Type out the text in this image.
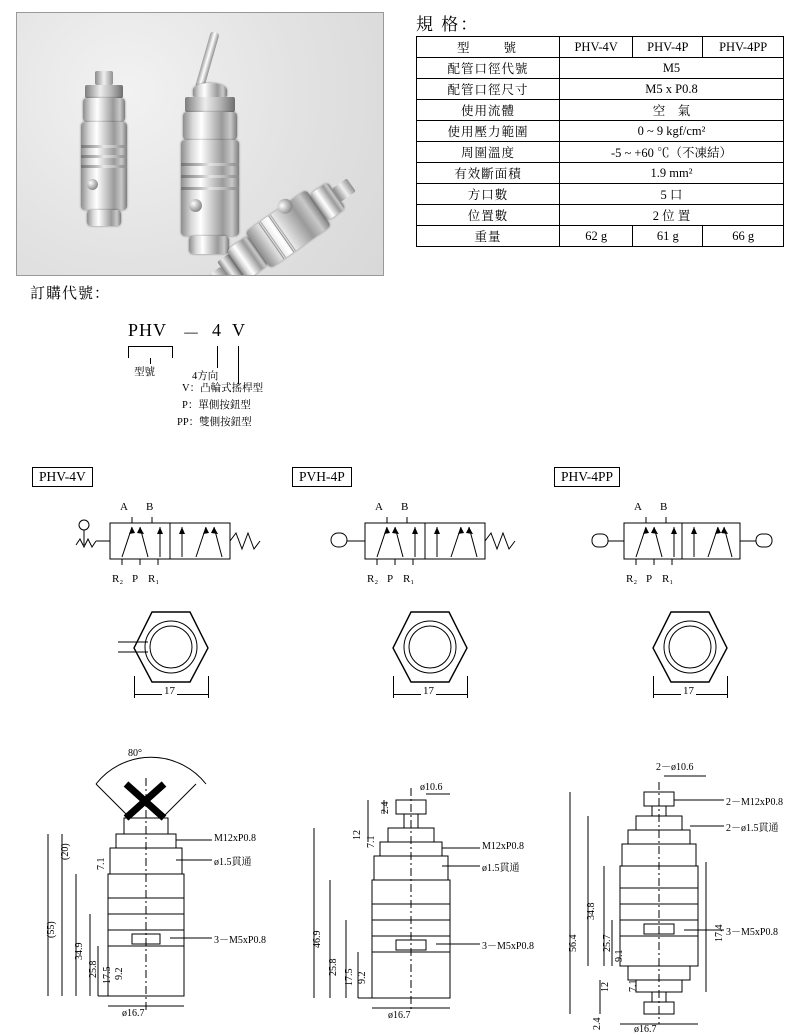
規 格：
型　　號	PHV-4V	PHV-4P	PHV-4PP
配管口徑代號	M5		
配管口徑尺寸	M5 x P0.8		
使用流體	空　氣		
使用壓力範圍	0 ~ 9 kgf/cm²		
周圍溫度	-5 ~ +60 ℃（不凍結）		
有效斷面積	1.9 mm²		
方口數	5 口		
位置數	2 位 置		
重量	62 g	61 g	66 g
訂購代號：
PHV － 4 V
型號	4方向
V：凸輪式搖桿型
P：單側按鈕型
PP：雙側按鈕型
PHV-4V
A B
R₂ P R₁
17
80°
(55)
(20)
34.9
25.8 17.5 9.2
7.1
M12xP0.8
ø1.5貫通
3－M5xP0.8
ø16.7
PVH-4P
A B
R₂ P R₁
17
ø10.6
46.9
25.8
17.5 9.2
7.1
12
2.4
M12xP0.8
ø1.5貫通
3－M5xP0.8
ø16.7
PHV-4PP
A B
R₂ P R₁
17
2－ø10.6
56.4
34.8
25.7
9.1
7.1
12
2.4
2－M12xP0.8
2－ø1.5貫通
3－M5xP0.8
17.4
ø16.7
